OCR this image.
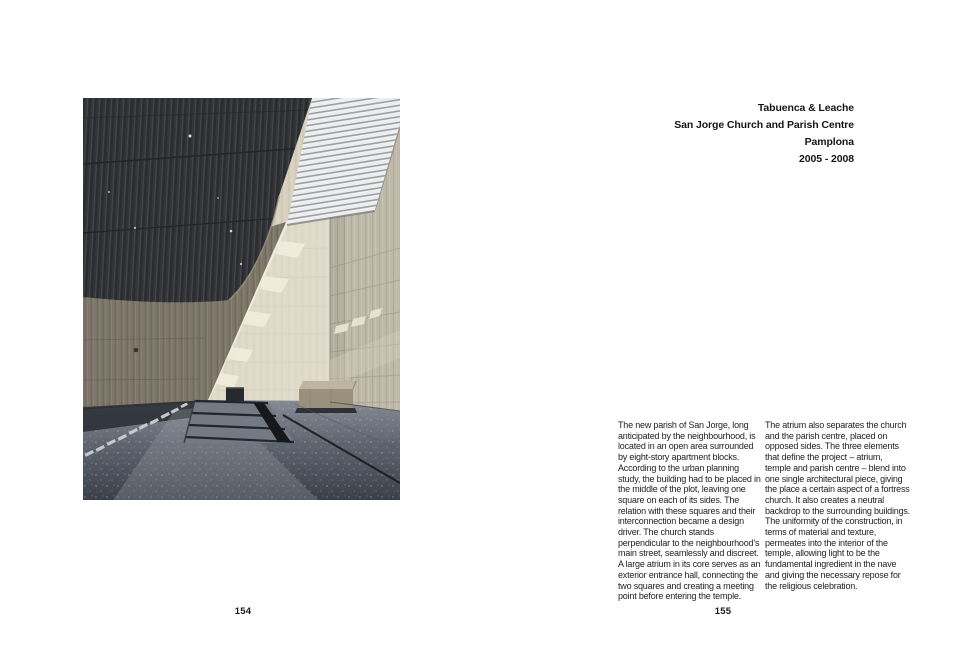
154
Tabuenca & Leache
San Jorge Church and Parish Centre
Pamplona
2005 - 2008
The new parish of San Jorge, long anticipated by the neighbourhood, is located in an open area surrounded by eight-story apartment blocks. According to the urban planning study, the building had to be placed in the middle of the plot, leaving one square on each of its sides. The relation with these squares and their interconnection became a design driver. The church stands perpendicular to the neighbourhood’s main street, seamlessly and discreet. A large atrium in its core serves as an exterior entrance hall, connecting the two squares and creating a meeting point before entering the temple.
The atrium also separates the church and the parish centre, placed on opposed sides. The three elements that define the project – atrium, temple and parish centre – blend into one single architectural piece, giving the place a certain aspect of a fortress church. It also creates a neutral backdrop to the surrounding buildings. The uniformity of the construction, in terms of material and texture, permeates into the interior of the temple, allowing light to be the fundamental ingredient in the nave and giving the necessary repose for the religious celebration.
155
